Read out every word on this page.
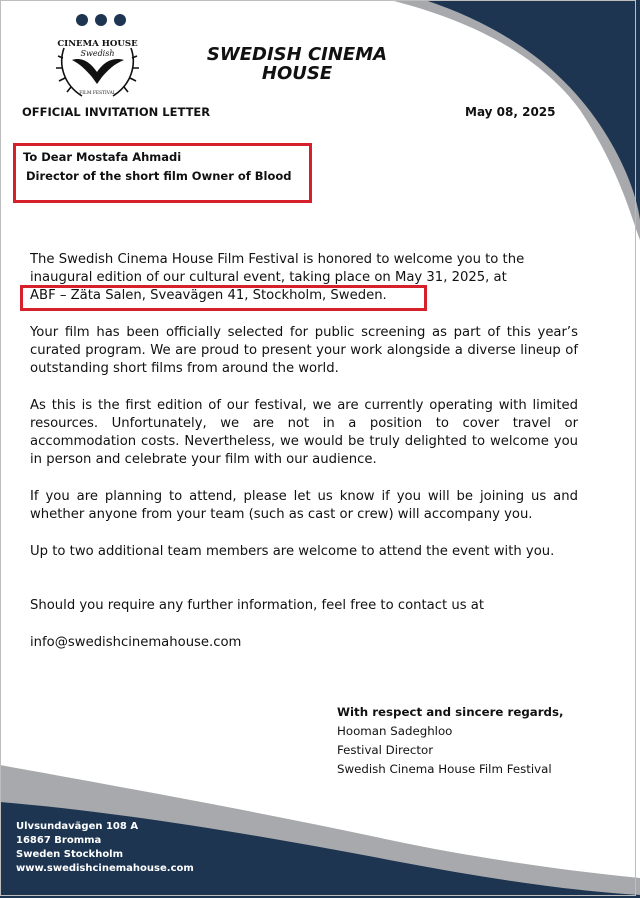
CINEMA HOUSE
Swedish
FILM FESTIVAL
SWEDISH CINEMA
HOUSE
OFFICIAL INVITATION LETTER	May 08, 2025
To Dear Mostafa Ahmadi
Director of the short film Owner of Blood
The Swedish Cinema House Film Festival is honored to welcome you to the
inaugural edition of our cultural event, taking place on May 31, 2025, at
ABF – Zäta Salen, Sveavägen 41, Stockholm, Sweden.
Your film has been officially selected for public screening as part of this year’s curated program. We are proud to present your work alongside a diverse lineup of outstanding short films from around the world.
As this is the first edition of our festival, we are currently operating with limited resources. Unfortunately, we are not in a position to cover travel or accommodation costs. Nevertheless, we would be truly delighted to welcome you in person and celebrate your film with our audience.
If you are planning to attend, please let us know if you will be joining us and whether anyone from your team (such as cast or crew) will accompany you.
Up to two additional team members are welcome to attend the event with you.
Should you require any further information, feel free to contact us at
info@swedishcinemahouse.com
With respect and sincere regards,
Hooman Sadeghloo
Festival Director
Swedish Cinema House Film Festival
Ulvsundavägen 108 A
16867 Bromma
Sweden Stockholm
www.swedishcinemahouse.com
